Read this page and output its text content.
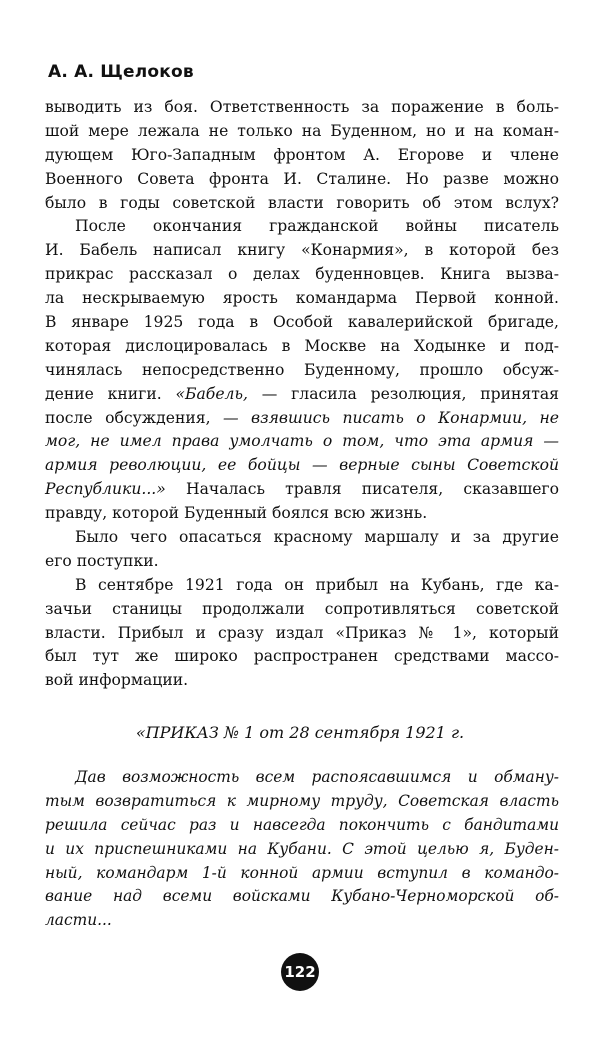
А. А. Щелоков
выводить из боя. Ответственность за поражение в боль-
шой мере лежала не только на Буденном, но и на коман-
дующем Юго-Западным фронтом А. Егорове и члене
Военного Совета фронта И. Сталине. Но разве можно
было в годы советской власти говорить об этом вслух?
После окончания гражданской войны писатель
И. Бабель написал книгу «Конармия», в которой без
прикрас рассказал о делах буденновцев. Книга вызва-
ла нескрываемую ярость командарма Первой конной.
В январе 1925 года в Особой кавалерийской бригаде,
которая дислоцировалась в Москве на Ходынке и под-
чинялась непосредственно Буденному, прошло обсуж-
дение книги. «Бабель, — гласила резолюция, принятая
после обсуждения, — взявшись писать о Конармии, не
мог, не имел права умолчать о том, что эта армия —
армия революции, ее бойцы — верные сыны Советской
Республики...» Началась травля писателя, сказавшего
правду, которой Буденный боялся всю жизнь.
Было чего опасаться красному маршалу и за другие
его поступки.
В сентябре 1921 года он прибыл на Кубань, где ка-
зачьи станицы продолжали сопротивляться советской
власти. Прибыл и сразу издал «Приказ № 1», который
был тут же широко распространен средствами массо-
вой информации.
«ПРИКАЗ № 1 от 28 сентября 1921 г.
Дав возможность всем распоясавшимся и обману-
тым возвратиться к мирному труду, Советская власть
решила сейчас раз и навсегда покончить с бандитами
и их приспешниками на Кубани. С этой целью я, Буден-
ный, командарм 1-й конной армии вступил в командо-
вание над всеми войсками Кубано-Черноморской об-
ласти...
122
